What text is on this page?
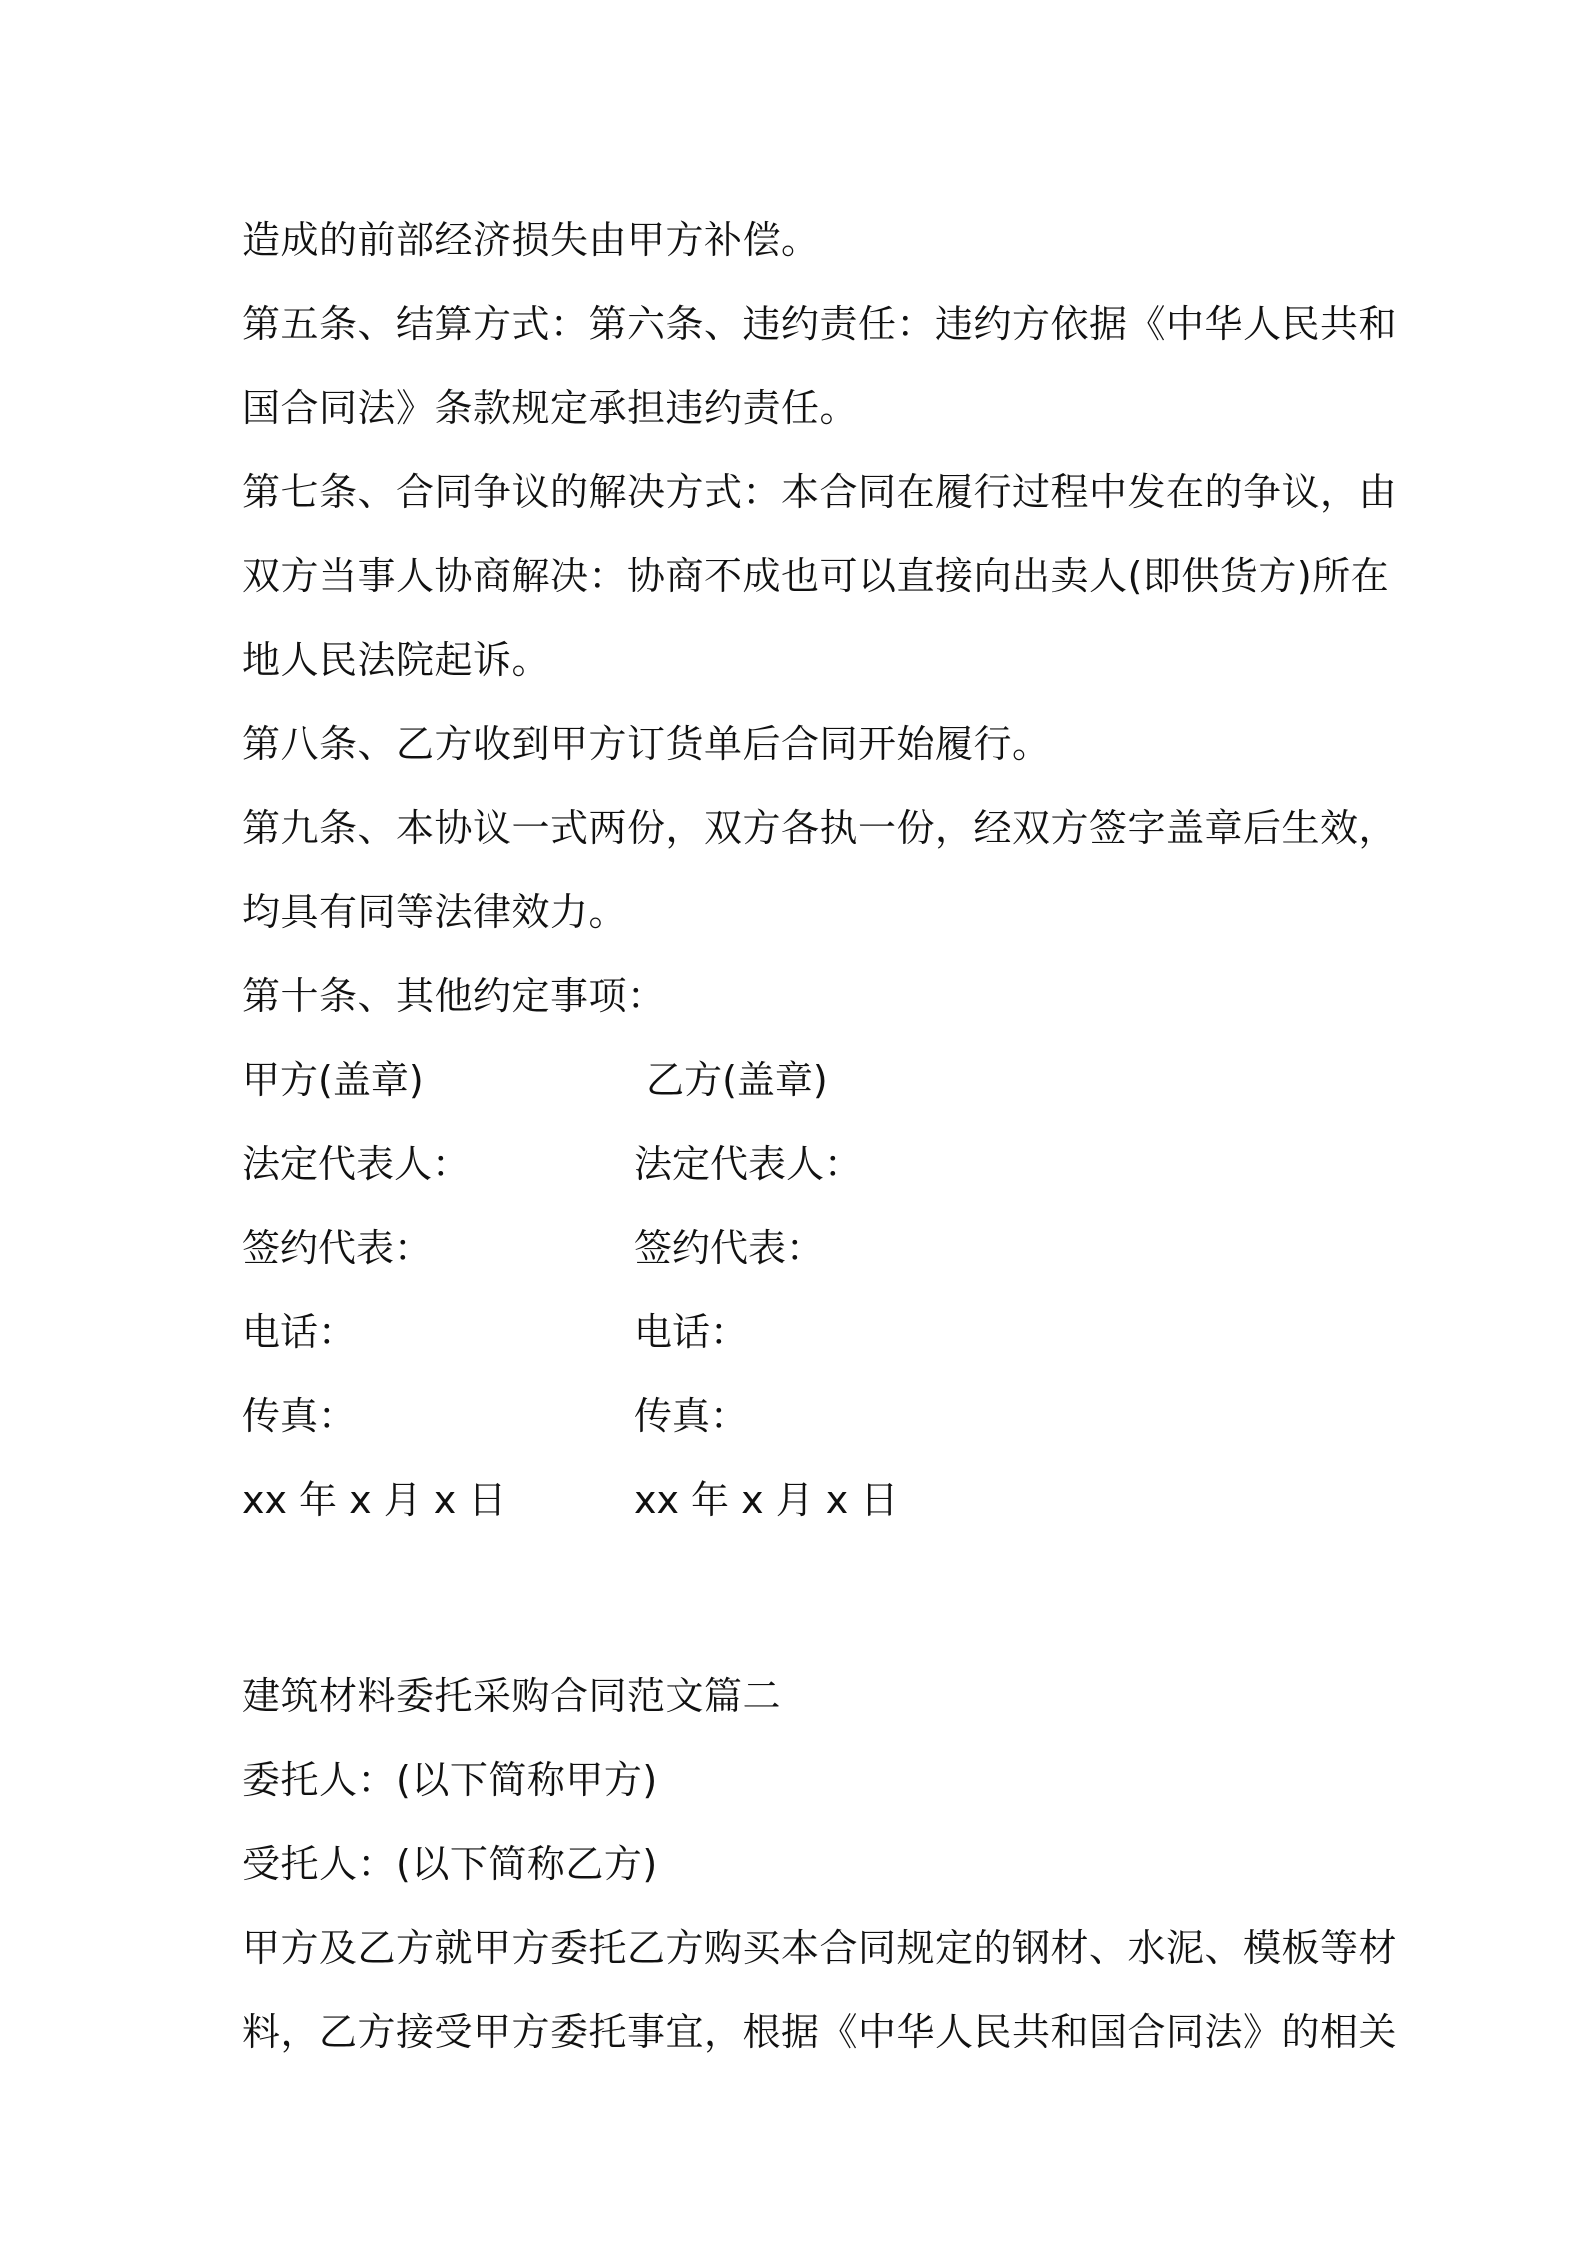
造成的前部经济损失由甲方补偿。
第五条、结算方式：第六条、违约责任：违约方依据《中华人民共和
国合同法》条款规定承担违约责任。
第七条、合同争议的解决方式：本合同在履行过程中发在的争议，由
双方当事人协商解决：协商不成也可以直接向出卖人(即供货方)所在
地人民法院起诉。
第八条、乙方收到甲方订货单后合同开始履行。
第九条、本协议一式两份，双方各执一份，经双方签字盖章后生效，
均具有同等法律效力。
第十条、其他约定事项：
甲方(盖章)	乙方(盖章)
法定代表人：	法定代表人：
签约代表：	签约代表：
电话：	电话：
传真：	传真：
xx 年 x 月 x 日	xx 年 x 月 x 日
建筑材料委托采购合同范文篇二
委托人：(以下简称甲方)
受托人：(以下简称乙方)
甲方及乙方就甲方委托乙方购买本合同规定的钢材、水泥、模板等材
料，乙方接受甲方委托事宜，根据《中华人民共和国合同法》的相关
